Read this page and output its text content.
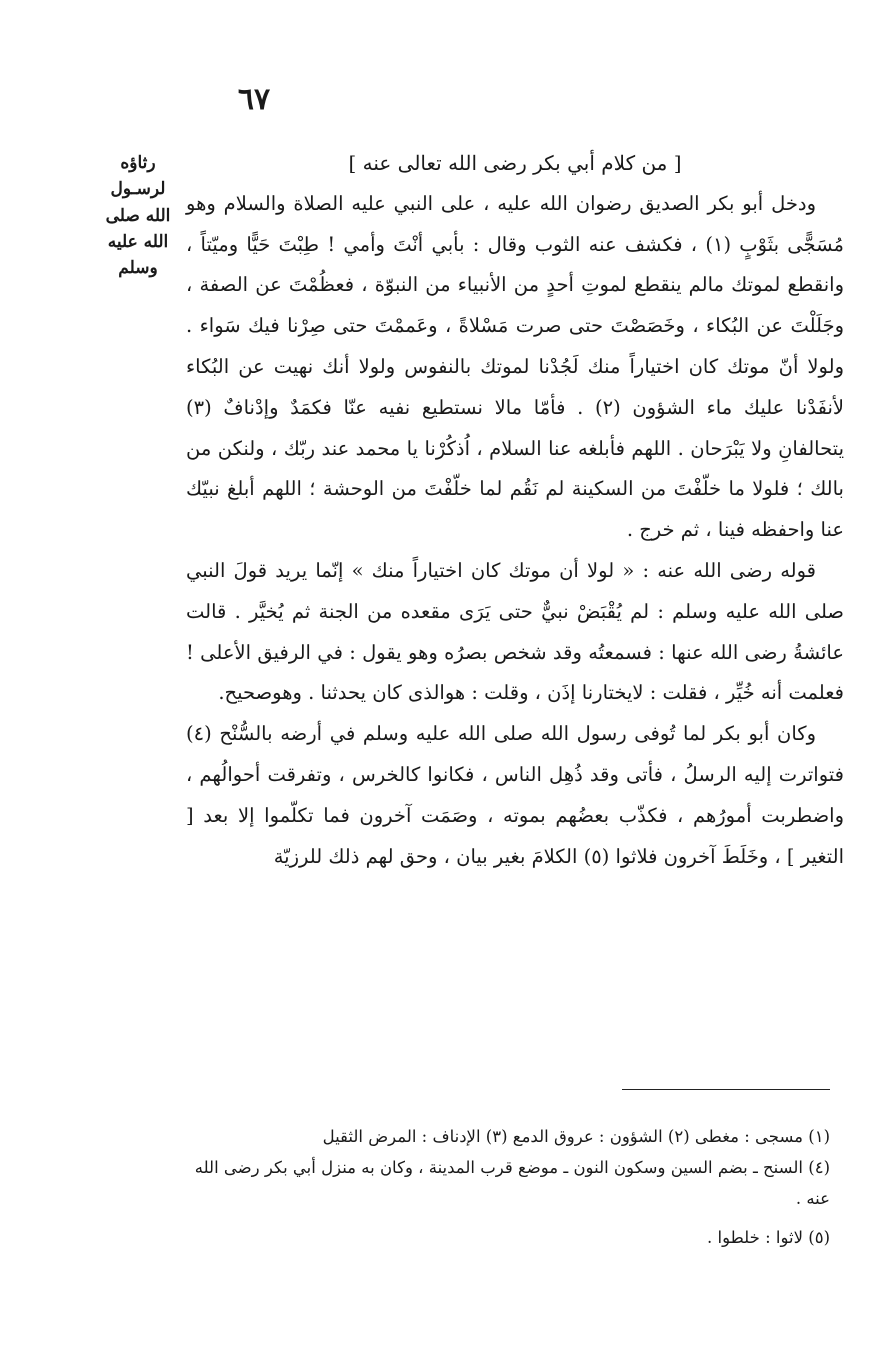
٦٧
رثاؤه لرسـول الله صلى الله عليه وسلم

[ من كلام أبي بكر رضى الله تعالى عنه ]

ودخل أبو بكر الصديق رضوان الله عليه ، على النبي عليه الصلاة والسلام وهو مُسَجًّى بثَوْبٍ (١) ، فكشف عنه الثوب وقال : بأبي أنْتَ وأمي ! طِبْتَ حَيًّا وميّتاً ، وانقطع لموتك مالم ينقطع لموتِ أحدٍ من الأنبياء من النبوّة ، فعظُمْتَ عن الصفة ، وجَلَلْتَ عن البُكاء ، وخَصَصْتَ حتى صرت مَسْلاةً ، وعَممْتَ حتى صِرْنا فيك سَواء . ولولا أنّ موتك كان اختياراً منك لَجُدْنا لموتك بالنفوس ولولا أنك نهيت عن البُكاء لأنفَدْنا عليك ماء الشؤون (٢) . فأمّا مالا نستطيع نفيه عنّا فكمَدٌ وإدْنافٌ (٣) يتحالفانِ ولا يَبْرَحان . اللهم فأبلغه عنا السلام ، اُذكُرْنا يا محمد عند ربّك ، ولنكن من بالك ؛ فلولا ما خلّفْتَ من السكينة لم نَقُم لما خلّفْتَ من الوحشة ؛ اللهم أبلغ نبيّك عنا واحفظه فينا ، ثم خرج .

قوله رضى الله عنه : « لولا أن موتك كان اختياراً منك » إنّما يريد قولَ النبي صلى الله عليه وسلم : لم يُقْبَضْ نبيٌّ حتى يَرَى مقعده من الجنة ثم يُخيَّر . قالت عائشةُ رضى الله عنها : فسمعتُه وقد شخص بصرُه وهو يقول : في الرفيق الأعلى ! فعلمت أنه خُيِّر ، فقلت : لايختارنا إذَن ، وقلت : هوالذى كان يحدثنا . وهوصحيح.

وكان أبو بكر لما تُوفى رسول الله صلى الله عليه وسلم في أرضه بالسُّنْح (٤) فتواترت إليه الرسلُ ، فأتى وقد ذُهِل الناس ، فكانوا كالخرس ، وتفرقت أحوالُهم ، واضطربت أمورُهم ، فكذّب بعضُهم بموته ، وصَمَت آخرون فما تكلّموا إلا بعد [ التغير ] ، وخَلَطَ آخرون فلاثوا (٥) الكلامَ بغير بيان ، وحق لهم ذلك للرزيّة

(١) مسجى : مغطى (٢) الشؤون : عروق الدمع (٣) الإدناف : المرض الثقيل

(٤) السنح ـ بضم السين وسكون النون ـ موضع قرب المدينة ، وكان به منزل أبي بكر رضى الله عنه .

(٥) لاثوا : خلطوا .
